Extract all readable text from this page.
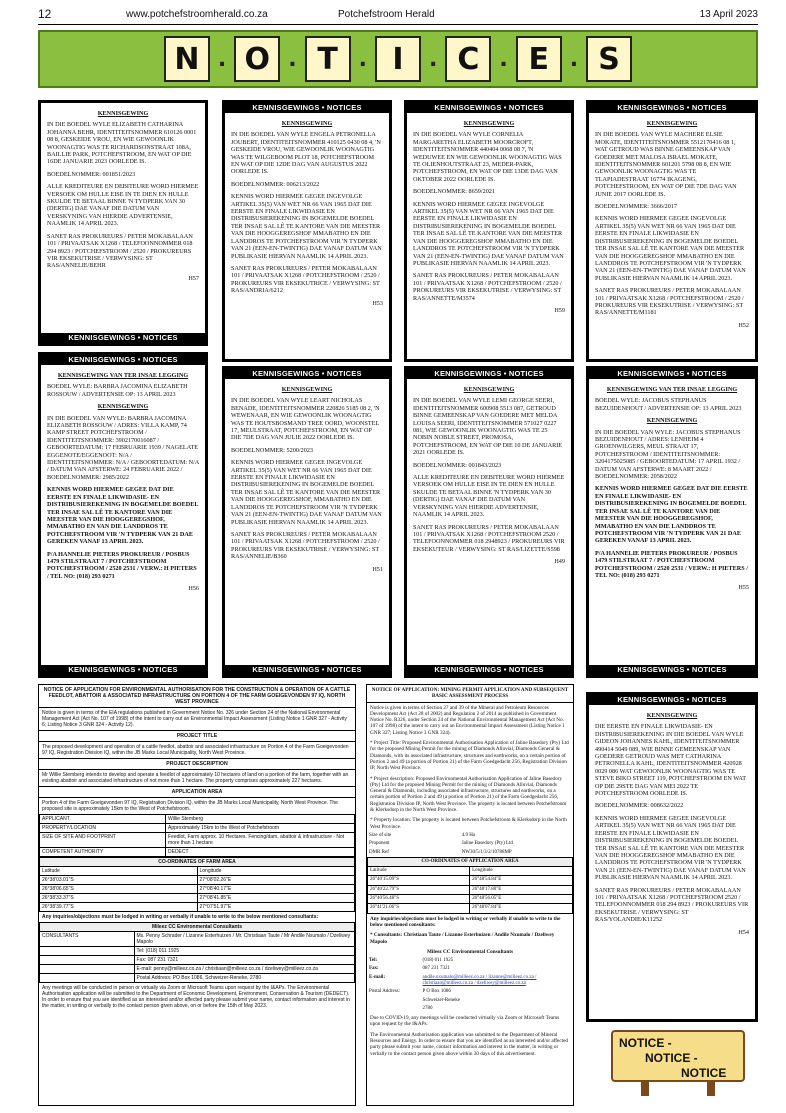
12	www.potchefstroomherald.co.za	Potchefstroom Herald	13 April 2023
N . O . T . I	. C . E . S
KENNISGEWING

IN DIE BOEDEL WYLE ELIZABETH CATHARINA JOHANNA BEHR, IDENTITEITSNOMMER 610126 0001 08 8, GESKEIDE VROU, EN WIE GEWOONLIK WOONAGTIG WAS TE RICHARDSONSTRAAT 108A, BAILLIE PARK, POTCHEFSTROOM, EN WAT OP DIE 16DE JANUARIE 2023 OORLEDE IS.

BOEDELNOMMER: 001851/2023

ALLE KREDITEURE EN DEBITEURE WORD HIERMEE VERSOEK OM HULLE EISE IN TE DIEN EN HULLE SKULDE TE BETAAL BINNE 'N TYDPERK VAN 30 (DERTIG) DAE VANAF DIE DATUM VAN VERSKYNING VAN HIERDIE ADVERTENSIE, NAAMLIK 14 APRIL 2023.

SANET RAS PROKUREURS / PETER MOKABALAAN 101 / PRIVAATSAK X1268 / TELEFOONNOMMER 018 294 8923 / POTCHEFSTROOM / 2520 / PROKUREURS VIR EKSEKUTRISE / VERWYSING: ST RAS/ANNELIE/BEHR

H57

KENNISGEWINGS • NOTICES
KENNISGEWINGS • NOTICES
KENNISGEWING

IN DIE BOEDEL VAN WYLE ENGELA PETRONELLA JOUBERT, IDENTITEITSNOMMER 410125 0430 08 4, 'N GESKEIDE VROU, WIE GEWOONLIK WOONAGTIG WAS TE WILGEBOOM PLOT 18, POTCHEFSTROOM EN WAT OP DIE 12DE DAG VAN AUGUSTUS 2022 OORLEDE IS.

BOEDELNOMMER: 006213/2022

KENNIS WORD HIERMEE GEGEE INGEVOLGE ARTIKEL 35(5) VAN WET NR 66 VAN 1965 DAT DIE EERSTE EN FINALE LIKWIDASIE EN DISTRIBUSIEREKENING IN BOGEMELDE BOEDEL TER INSAE SAL LÊ TE KANTORE VAN DIE MEESTER VAN DIE HOOGGEREGSHOF MMABATHO EN DIE LANDDROS TE POTCHEFSTROOM VIR 'N TYDPERK VAN 21 (EEN-EN-TWINTIG) DAE VANAF DATUM VAN PUBLIKASIE HIERVAN NAAMLIK 14 APRIL 2023.

SANET RAS PROKUREURS / PETER MOKABALAAN 101 / PRIVAATSAK X1268 / POTCHEFSTROOM / 2520 / PROKUREURS VIR EKSEKUTRICE / VERWYSING: ST RAS/ANDRIA/6212

H53

KENNISGEWINGS • NOTICES
KENNISGEWING

IN DIE BOEDEL VAN WYLE CORNELIA MARGARETHA ELIZABETH MOORCROFT, IDENTITEITSNOMMER 440404 0068 08 7, 'N WEDUWEE EN WIE GEWOONLIK WOONAGTIG WAS TE OLIENHOUTSTRAAT 23, MEDER-PARK, POTCHEFSTROOM, EN WAT OP DIE 13DE DAG VAN OKTOBER 2022 OORLEDE IS.

BOEDELNOMMER: 8659/2021

KENNIS WORD HIERMEE GEGEE INGEVOLGE ARTIKEL 35(5) VAN WET NR 66 VAN 1965 DAT DIE EERSTE EN FINALE LIKWIDASIE EN DISTRIBUSIEREKENING IN BOGEMELDE BOEDEL TER INSAE SAL LÊ TE KANTORE VAN DIE MEESTER VAN DIE HOOGGEREGSHOF MMABATHO EN DIE LANDDROS TE POTCHEFSTROOM VIR 'N TYDPERK VAN 21 (EEN-EN-TWINTIG) DAE VANAF DATUM VAN PUBLIKASIE HIERVAN NAAMLIK 14 APRIL 2023.

SANET RAS PROKUREURS / PETER MOKABALAAN 101 / PRIVAATSAK X1268 / POTCHEFSTROOM / 2520 / PROKUREURS VIR EKSEKUTRISE / VERWYSING: ST RAS/ANNETTE/M3574

H59

KENNISGEWINGS • NOTICES
KENNISGEWING

IN DIE BOEDEL VAN WYLE MACHERE ELSIE MOKATE, IDENTITEITSNOMMER 5512170416 08 1, WAT GETROUD WAS BINNE GEMEENSKAP VAN GOEDERE MET MALOSA ISRAEL MOKATE, IDENTITEITSNOMMER 601201 5798 08 8, EN WIE GEWOONLIK WOONAGTIG WAS TE TLAPIADESTRAAT 16774 IKAGENG, POTCHEFSTROOM, EN WAT OP DIE 7DE DAG VAN JUNIE 2017 OORLEDE IS.

BOEDELNOMMER: 3666/2017

KENNIS WORD HIERMEE GEGEE INGEVOLGE ARTIKEL 35(5) VAN WET NR 66 VAN 1965 DAT DIE EERSTE EN FINALE LIKWIDASIE EN DISTRIBUSIEREKENING IN BOGEMELDE BOEDEL TER INSAE SAL LÊ TE KANTORE VAN DIE MEESTER VAN DIE HOOGGEREGSHOF MMABATHO EN DIE LANDDROS TE POTCHEFSTROOM VIR 'N TYDPERK VAN 21 (EEN-EN-TWINTIG) DAE VANAF DATUM VAN PUBLIKASIE HIERVAN NAAMLIK 14 APRIL 2023.

SANET RAS PROKUREURS / PETER MOKABALAAN 101 / PRIVAATSAK X1268 / POTCHEFSTROOM / 2520 / PROKUREURS VIR EKSEKUTRISE / VERWYSING: ST RAS/ANNETTE/M1181

H52

KENNISGEWINGS • NOTICES
KENNISGEWING VAN TER INSAE LEGGING

BOEDEL WYLE: BARBRA JACOMINA ELIZABETH ROSSOUW / ADVERTENSIE OP: 13 APRIL 2023

KENNISGEWING

IN DIE BOEDEL VAN WYLE: BARBRA JACOMINA ELIZABETH ROSSOUW / ADRES: VILLA KAMP, 74 KAMP STREET POTCHEFSTROOM / IDENTITEITSNOMMER: 3902170016087 / GEBOORTEDATUM: 17 FEBRUARIE 1939 / NAGELATE EGGENOTE/EGGENOOT: N/A / IDENTITEITSNOMMER: N/A / GEBOORTEDATUM: N/A / DATUM VAN AFSTERWE: 24 FEBRUARIE 2022 / BOEDELNOMMER: 2985/2022

KENNIS WORD HIERMEE GEGEE DAT DIE EERSTE EN FINALE LIKWIDASIE- EN DISTRIBUSIEREKENING IN BOGEMELDE BOEDEL TER INSAE SAL LÊ TE KANTORE VAN DIE MEESTER VAN DIE HOOGGEREGSHOF, MMABATHO EN VAN DIE LANDDROS TE POTCHEFSTROOM VIR 'N TYDPERK VAN 21 DAE GEREKEN VANAF 13 APRIL 2023.

P/A HANNELIE PIETERS PROKUREUR / POSBUS 1479 STILSTRAAT 7 / POTCHEFSTROOM POTCHEFSTROOM / 2520 2531 / VERW.: H PIETERS / TEL NO: (018) 293 0271

H56

KENNISGEWINGS • NOTICES
KENNISGEWINGS • NOTICES
KENNISGEWING

IN DIE BOEDEL VAN WYLE LEART NICHOLAS BENADE, IDENTITEITSNOMMER 220826 5185 08 2, 'N WEWENAAR, EN WIE GEWOONLIK WOONAGTIG WAS TE HOUTSBOSMAND TREE OORD, WOONSTEL 17, MEULSTRAAT, POTCHEFSTROOM, EN WAT OP DIE 7DE DAG VAN JULIE 2022 OORLEDE IS.

BOEDELNOMMER: 5200/2023

KENNIS WORD HIERMEE GEGEE INGEVOLGE ARTIKEL 35(5) VAN WET NR 66 VAN 1965 DAT DIE EERSTE EN FINALE LIKWIDASIE EN DISTRIBUSIEREKENING IN BOGEMELDE BOEDEL TER INSAE SAL LÊ TE KANTORE VAN DIE MEESTER VAN DIE HOOGGEREGSHOF, MMABATHO EN DIE LANDDROS TE POTCHEFSTROOM VIR 'N TYDPERK VAN 21 (EEN-EN-TWINTIG) DAE VANAF DATUM VAN PUBLIKASIE HIERVAN NAAMLIK 14 APRIL 2023.

SANET RAS PROKUREURS / PETER MOKABALAAN 101 / PRIVAATSAK X1268 / POTCHEFSTROOM / 2520 / PROKUREURS VIR EKSEKUTRISE / VERWYSING: ST RAS/ANNELIE/B360

H51

KENNISGEWINGS • NOTICES
KENNISGEWINGS • NOTICES
KENNISGEWING

IN DIE BOEDEL VAN WYLE LEMI GEORGE SEERI, IDENTITEITSNOMMER 600908 5513 087, GETROUD BINNE GEMEENSKAP VAN GOEDERE MET MELDA LOUISA SEERI, IDENTITEITSNOMMER 571027 0227 081, WIE GEWOONLIK WOONAGTIG WAS TE 25 NOBIN NOBLE STREET, PROMOSA, POTCHEFSTROOM, EN WAT OP DIE 10 DE JANUARIE 2021 OORLEDE IS.

BOEDELNOMMER: 001843/2023

ALLE KREDITEURE EN DEBITEURE WORD HIERMEE VERSOEK OM HULLE EISE IN TE DIEN EN HULLE SKULDE TE BETAAL BINNE 'N TYDPERK VAN 30 (DERTIG) DAE VANAF DIE DATUM VAN VERSKYNING VAN HIERDIE ADVERTENSIE, NAAMLIK 14 APRIL 2023.

SANET RAS PROKUREURS / PETER MOKABALAAN 101 / PRIVAATSAK X1268 / POTCHEFSTROOM 2520 / TELEFOONNOMMER 018 2948923 / PROKUREURS VIR EKSEKUTEUR / VERWYSING: ST RAS/LIZETTE/S598

H49

KENNISGEWINGS • NOTICES
KENNISGEWINGS • NOTICES
KENNISGEWING VAN TER INSAE LEGGING

BOEDEL WYLE: JACOBUS STEPHANUS BEZUIDENHOUT / ADVERTENSIE OP: 13 APRIL 2023

KENNISGEWING

IN DIE BOEDEL VAN WYLE: JACOBUS STEPHANUS BEZUIDENHOUT / ADRES: LENHEIM 4 GROENWILGERS, MEUL STRAAT 17, POTCHEFSTROOM / IDENTITEITSNOMMER: 3204175025085 / GEBOORTEDATUM: 17 APRIL 1932 / DATUM VAN AFSTERWE: 8 MAART 2022 / BOEDELNOMMER: 2058/2022

KENNIS WORD HIERMEE GEGEE DAT DIE EERSTE EN FINALE LIKWIDASIE- EN DISTRIBUSIEREKENING IN BOGEMELDE BOEDEL TER INSAE SAL LÊ TE KANTORE VAN DIE MEESTER VAN DIE HOOGGEREGSHOF, MMABATHO EN VAN DIE LANDDROS TE POTCHEFSTROOM VIR 'N TYDPERK VAN 21 DAE GEREKEN VANAF 13 APRIL 2023.

P/A HANNELIE PIETERS PROKUREUR / POSBUS 1479 STILSTRAAT 7 / POTCHEFSTROOM POTCHEFSTROOM / 2520 2531 / VERW.: H PIETERS / TEL NO: (018) 293 0271

H55

KENNISGEWINGS • NOTICES
KENNISGEWINGS • NOTICES
KENNISGEWING

DIE EERSTE EN FINALE LIKWIDASIE- EN DISTRIBUSIEREKENING IN DIE BOEDEL VAN WYLE GIDEON JOHANNES KAHL, IDENTITEITSNOMMER 490414 5049 089, WIE BINNE GEMEENSKAP VAN GOEDERE GETROUD WAS MET CATHARINA PETRONELLA KAHL, IDENTITEITSNOMMER 420928 0029 086 WAT GEWOONLIK WOONAGTIG WAS TE STEVE BIKO STREET 119, POTCHEFSTROOM EN WAT OP DIE 29STE DAG VAN MEI 2022 TE POTCHEFSTROOM OORLEDE IS.

BOEDELNOMMER: 008632/2022

KENNIS WORD HIERMEE GEGEE INGEVOLGE ARTIKEL 35(5) VAN WET NR 66 VAN 1965 DAT DIE EERSTE EN FINALE LIKWIDASIE EN DISTRIBUSIEREKENING IN BOGEMELDE BOEDEL TER INSAE SAL LÊ TE KANTORE VAN DIE MEESTER VAN DIE HOOGGEREGSHOF MMABATHO EN DIE LANDDROS TE POTCHEFSTROOM VIR 'N TYDPERK VAN 21 (EEN-EN-TWINTIG) DAE VANAF DATUM VAN PUBLIKASIE HIERVAN NAAMLIK 14 APRIL 2023.

SANET RAS PROKUREURS / PETER MOKABALAAN 101 / PRIVAATSAK X1268 / POTCHEFSTROOM 2520 / TELEFOONNOMMER 018 294 8923 / PROKUREURS VIR EKSEKUTRISE / VERWYSING: ST RAS/YOLANDIE/K11252

H54

NOTICE OF APPLICATION FOR ENVIRONMENTAL AUTHORISATION FOR THE CONSTRUCTION & OPERATION OF A CATTLE FEEDLOT, ABATTOIR & ASSOCIATED INFRASTRUCTURE ON PORTION 4 OF THE FARM GOEIGEVONDEN 97 IQ, NORTH WEST PROVINCE
Notice is given in terms of the EIA regulations published in Government Notice No. 326 under Section 24 of the National Environmental Management Act (Act No. 107 of 1998) of the intent to carry out an Environmental Impact Assessment (Listing Notice 1 GNR 327 - Activity 6; Listing Notice 3 GNR 324 - Activity 12).
PROJECT TITLE
The proposed development and operation of a cattle feedlot, abattoir and associated infrastructure on Portion 4 of the Farm Goeigevonden 97 IQ, Registration Division IQ, within the JB Marks Local Municipality, North West Province.
PROJECT DESCRIPTION
Mr Willie Stemberg intends to develop and operate a feedlot of approximately 10 hectares of land on a portion of the farm, together with an existing abattoir and associated infrastructure of not more than 1 hectare. The property comprises approximately 227 hectares.
APPLICATION AREA
Portion 4 of the Farm Goeigevonden 97 IQ, Registration Division IQ, within the JB Marks Local Municipality, North West Province. The proposed site is approximately 15km to the West of Potchefstroom.
APPLICANT	Willie Stemberg
PROPERTY/LOCATION	Approximately 15km to the West of Potchefstroom
SIZE OF SITE AND FOOTPRINT	Feedlot, Farm approx. 10 Hectares. Fencing/dam, abattoir & infrastructure - Not more than 1 hectare
COMPETENT AUTHORITY	DEDECT
CO-ORDINATES OF FARM AREA	
Latitude	Longitude
26°38'03.01"S	27°08'02.26"E
26°38'06.65"S	27°08'40.17"E
26°38'33.37"S	27°08'41.85"E
26°38'39.77"S	27°07'51.97"E
Any inquiries/objections must be lodged in writing or verbally if unable to write to the below mentioned consultants:
Mileez CC Environmental Consultants	
CONSULTANTS	Ms. Penny Schrader / Lizanne Esterhuizen / Mr. Christiaan Taute / Mr Andile Nxumalo / Dzeliwey Mapolo
	Tel: (018) 011 1925
	Fax: 087 231 7321
	E-mail: penny@milleez.co.za / christiaan@milleez.co.za / dzeliwey@milleez.co.za
	Postal Address: PO Box 1086, Schweizer-Reneke, 2780
Any meetings will be conducted in person or virtually via Zoom or Microsoft Teams upon request by the I&APs. The Environmental Authorisation application will be submitted to the Department of Economic Development, Environment, Conservation & Tourism (DEDECT). In order to ensure that you are identified as an interested and/or affected party please submit your name, contact information and interest in the matter, in writing or verbally to the contact person given above, on or before the 15th of May 2023.
NOTICE OF APPLICATION: MINING PERMIT APPLICATION AND SUBSEQUENT BASIC ASSESSMENT PROCESS
Notice is given in terms of Section 27 and 39 of the Mineral and Petroleum Resources Development Act (Act 28 of 2002) and Regulation 2 of 2014 as published in Government Notice No. R326, under Section 24 of the National Environmental Management Act (Act No. 107 of 1998) of the intent to carry out an Environmental Impact Assessment (Listing Notice 1 GNR 327; Listing Notice 3 GNR 324).
* Project Title: Proposed Environmental Authorisation Application of Jaline Basedory (Pty) Ltd for the proposed Mining Permit for the mining of Diamonds Alluvial, Diamonds General & Diamonds, with its associated infrastructure, structures and earthworks, on a certain portion of Portion 2 and 49 (a portion of Portion 21) of the Farm Goedgedacht 256, Registration Division IP, North West Province.
* Project description: Proposed Environmental Authorisation Application of Jaline Basedory (Pty) Ltd for the proposed Mining Permit for the mining of Diamonds Alluvial, Diamonds General & Diamonds, including associated infrastructure, structures and earthworks, on a certain portion of Portion 2 and 49 (a portion of Portion 21) of the Farm Goedgedacht 256, Registration Division IP, North West Province. The property is located between Potchefstroom & Klerksdorp in the North West Province.
* Property location: The property is located between Potchefstroom & Klerksdorp in the North West Province.
Size of site	4.9 Ha
Proponent	Jaline Basedory (Pty) Ltd
DMR Ref	NW30/5/1/3/2/10788MP
CO-ORDINATES OF APPLICATION AREA	
Latitude	Longitude
26°40'15.09"S	26°48'54.84"E
26°40'22.79"S	26°48'17.80"E
26°40'56.48"S	26°48'56.05"E
26°41'21.06"S	26°48'07.84"E
Any inquiries/objections must be lodged in writing or verbally if unable to write to the below mentioned consultants:
* Consultants: Christiaan Taute / Lizanne Esterhuizen / Andile Nxumalo / Dzeliwey Mapolo
Mileez CC Environmental Consultants
Tel:	(018) 011 1925
Fax:	087 231 7321
E-mail:	andile.nxumalo@milleez.co.za / lizanne@milleez.co.za / christiaan@milleez.co.za / dzeliwey@milleez.co.za
Postal Address:	P O Box 1086
	Schweizer-Reneke
	2780
Due to COVID-19, any meetings will be conducted virtually via Zoom or Microsoft Teams upon request by the I&APs.
The Environmental Authorisation application was submitted to the Department of Mineral Resources and Energy. In order to ensure that you are identified as an interested and/or affected party please submit your name, contact information and interest in the matter, in writing or verbally to the contact person given above within 30 days of this advertisement.
NOTICE -
NOTICE -
NOTICE
